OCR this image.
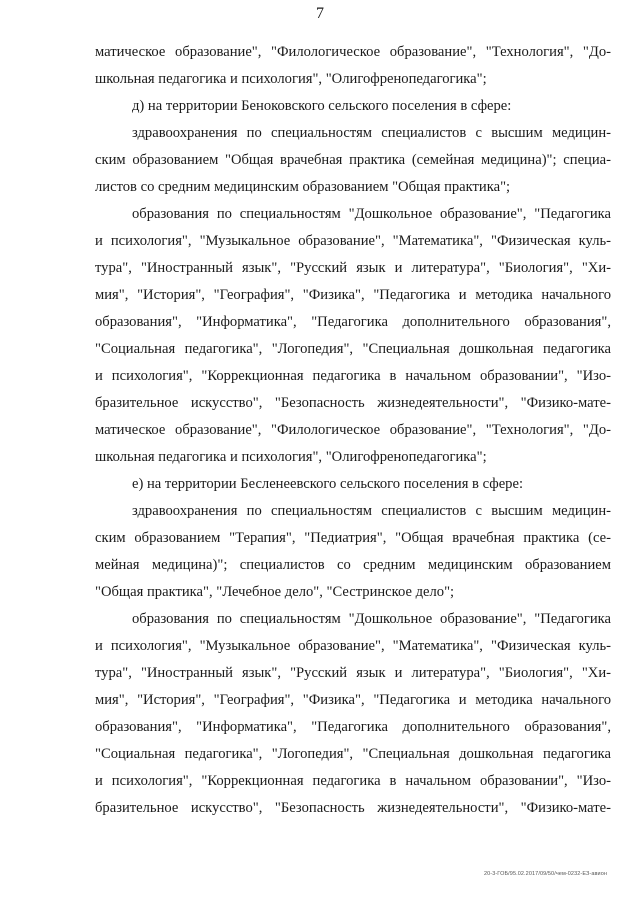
7
матическое образование", "Филологическое образование", "Технология", "До-
школьная педагогика и психология", "Олигофренопедагогика";
д) на территории Беноковского сельского поселения в сфере:
здравоохранения по специальностям специалистов с высшим медицин-
ским образованием "Общая врачебная практика (семейная медицина)"; специа-
листов со средним медицинским образованием "Общая практика";
образования по специальностям "Дошкольное образование", "Педагогика
и психология", "Музыкальное образование", "Математика", "Физическая куль-
тура", "Иностранный язык", "Русский язык и литература", "Биология", "Хи-
мия", "История", "География", "Физика", "Педагогика и методика начального
образования", "Информатика", "Педагогика дополнительного образования",
"Социальная педагогика", "Логопедия", "Специальная дошкольная педагогика
и психология", "Коррекционная педагогика в начальном образовании", "Изо-
бразительное искусство", "Безопасность жизнедеятельности", "Физико-мате-
матическое образование", "Филологическое образование", "Технология", "До-
школьная педагогика и психология", "Олигофренопедагогика";
е) на территории Бесленеевского сельского поселения в сфере:
здравоохранения по специальностям специалистов с высшим медицин-
ским образованием "Терапия", "Педиатрия", "Общая врачебная практика (се-
мейная медицина)"; специалистов со средним медицинским образованием
"Общая практика", "Лечебное дело", "Сестринское дело";
образования по специальностям "Дошкольное образование", "Педагогика
и психология", "Музыкальное образование", "Математика", "Физическая куль-
тура", "Иностранный язык", "Русский язык и литература", "Биология", "Хи-
мия", "История", "География", "Физика", "Педагогика и методика начального
образования", "Информатика", "Педагогика дополнительного образования",
"Социальная педагогика", "Логопедия", "Специальная дошкольная педагогика
и психология", "Коррекционная педагогика в начальном образовании", "Изо-
бразительное искусство", "Безопасность жизнедеятельности", "Физико-мате-
20-3-ГОБ/95.02.2017/09/50/чем-0232-ЕЗ-авион
